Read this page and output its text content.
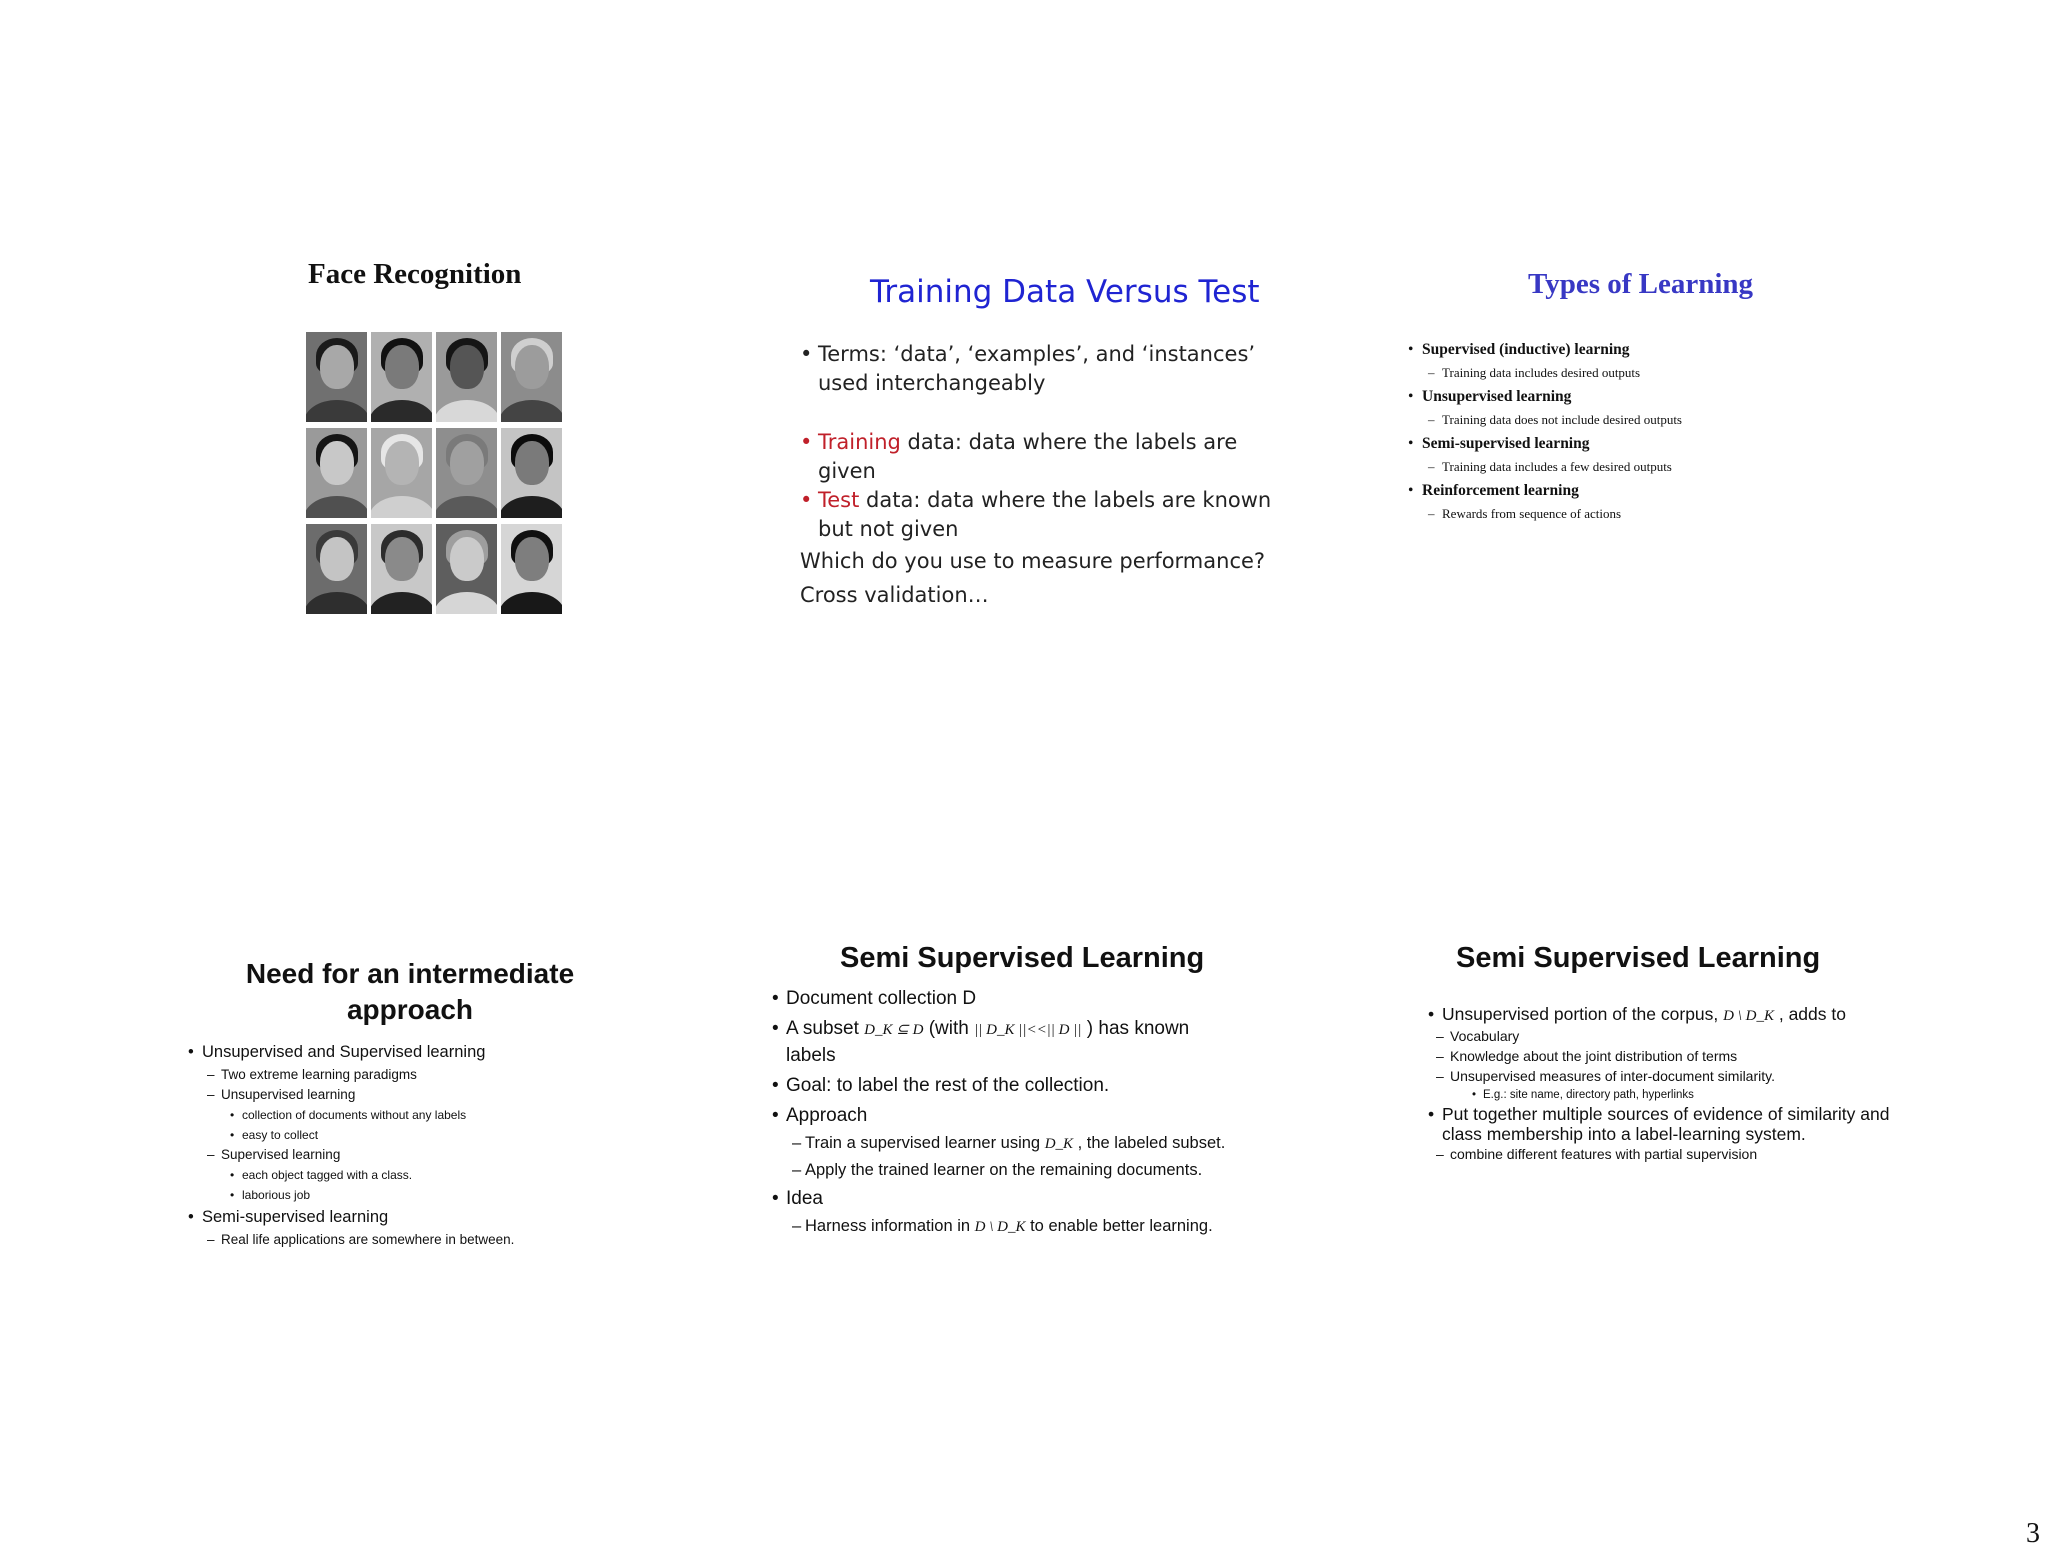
Face Recognition	Training Data Versus Test
• Terms: ‘data’, ‘examples’, and ‘instances’ used interchangeably
• Training data: data where the labels are given
• Test data: data where the labels are known but not given
Which do you use to measure performance?
Cross validation…
Types of Learning
• Supervised (inductive) learning
– Training data includes desired outputs
• Unsupervised learning
– Training data does not include desired outputs
• Semi-supervised learning
– Training data includes a few desired outputs
• Reinforcement learning
– Rewards from sequence of actions
Need for an intermediate approach
• Unsupervised and Supervised learning
– Two extreme learning paradigms
– Unsupervised learning
• collection of documents without any labels
• easy to collect
– Supervised learning
• each object tagged with a class.
• laborious job
• Semi-supervised learning
– Real life applications are somewhere in between.
Semi Supervised Learning
• Document collection D
• A subset D_K ⊆ D (with || D_K ||<<|| D || ) has known labels
• Goal: to label the rest of the collection.
• Approach
– Train a supervised learner using D_K , the labeled subset.
– Apply the trained learner on the remaining documents.
• Idea
– Harness information in D \ D_K to enable better learning.
Semi Supervised Learning
• Unsupervised portion of the corpus, D \ D_K , adds to
– Vocabulary
– Knowledge about the joint distribution of terms
– Unsupervised measures of inter-document similarity.
• E.g.: site name, directory path, hyperlinks
• Put together multiple sources of evidence of similarity and class membership into a label-learning system.
– combine different features with partial supervision
3
